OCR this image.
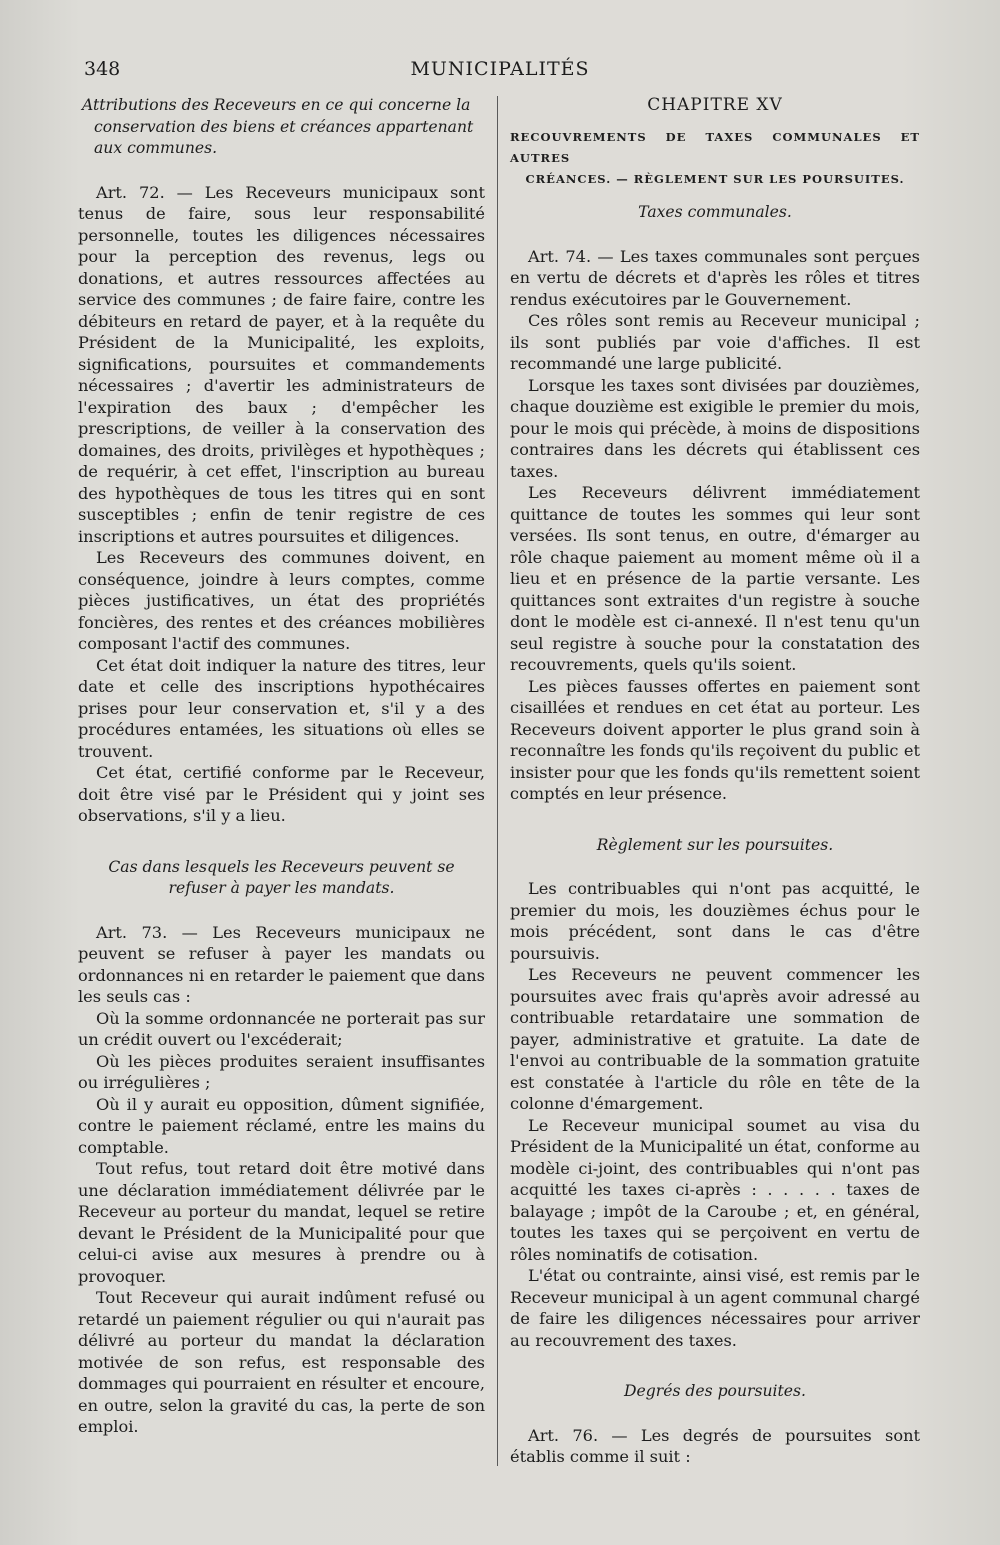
348	MUNICIPALITÉS
Attributions des Receveurs en ce qui concerne la conservation des biens et créances appartenant aux communes.

Art. 72. — Les Receveurs municipaux sont tenus de faire, sous leur responsabilité personnelle, toutes les diligences nécessaires pour la perception des revenus, legs ou donations, et autres ressources affectées au service des communes ; de faire faire, contre les débiteurs en retard de payer, et à la requête du Président de la Municipalité, les exploits, significations, poursuites et commandements nécessaires ; d'avertir les administrateurs de l'expiration des baux ; d'empêcher les prescriptions, de veiller à la conservation des domaines, des droits, privilèges et hypothèques ; de requérir, à cet effet, l'inscription au bureau des hypothèques de tous les titres qui en sont susceptibles ; enfin de tenir registre de ces inscriptions et autres poursuites et diligences.

Les Receveurs des communes doivent, en conséquence, joindre à leurs comptes, comme pièces justificatives, un état des propriétés foncières, des rentes et des créances mobilières composant l'actif des communes.

Cet état doit indiquer la nature des titres, leur date et celle des inscriptions hypothécaires prises pour leur conservation et, s'il y a des procédures entamées, les situations où elles se trouvent.

Cet état, certifié conforme par le Receveur, doit être visé par le Président qui y joint ses observations, s'il y a lieu.

Cas dans lesquels les Receveurs peuvent se refuser à payer les mandats.

Art. 73. — Les Receveurs municipaux ne peuvent se refuser à payer les mandats ou ordonnances ni en retarder le paiement que dans les seuls cas :

Où la somme ordonnancée ne porterait pas sur un crédit ouvert ou l'excéderait;

Où les pièces produites seraient insuffisantes ou irrégulières ;

Où il y aurait eu opposition, dûment signifiée, contre le paiement réclamé, entre les mains du comptable.

Tout refus, tout retard doit être motivé dans une déclaration immédiatement délivrée par le Receveur au porteur du mandat, lequel se retire devant le Président de la Municipalité pour que celui-ci avise aux mesures à prendre ou à provoquer.

Tout Receveur qui aurait indûment refusé ou retardé un paiement régulier ou qui n'aurait pas délivré au porteur du mandat la déclaration motivée de son refus, est responsable des dommages qui pourraient en résulter et encoure, en outre, selon la gravité du cas, la perte de son emploi.

CHAPITRE XV
RECOUVREMENTS DE TAXES COMMUNALES ET AUTRES
CRÉANCES. — RÈGLEMENT SUR LES POURSUITES.
Taxes communales.

Art. 74. — Les taxes communales sont perçues en vertu de décrets et d'après les rôles et titres rendus exécutoires par le Gouvernement.

Ces rôles sont remis au Receveur municipal ; ils sont publiés par voie d'affiches. Il est recommandé une large publicité.

Lorsque les taxes sont divisées par douzièmes, chaque douzième est exigible le premier du mois, pour le mois qui précède, à moins de dispositions contraires dans les décrets qui établissent ces taxes.

Les Receveurs délivrent immédiatement quittance de toutes les sommes qui leur sont versées. Ils sont tenus, en outre, d'émarger au rôle chaque paiement au moment même où il a lieu et en présence de la partie versante. Les quittances sont extraites d'un registre à souche dont le modèle est ci-annexé. Il n'est tenu qu'un seul registre à souche pour la constatation des recouvrements, quels qu'ils soient.

Les pièces fausses offertes en paiement sont cisaillées et rendues en cet état au porteur. Les Receveurs doivent apporter le plus grand soin à reconnaître les fonds qu'ils reçoivent du public et insister pour que les fonds qu'ils remettent soient comptés en leur présence.

Règlement sur les poursuites.

Les contribuables qui n'ont pas acquitté, le premier du mois, les douzièmes échus pour le mois précédent, sont dans le cas d'être poursuivis.

Les Receveurs ne peuvent commencer les poursuites avec frais qu'après avoir adressé au contribuable retardataire une sommation de payer, administrative et gratuite. La date de l'envoi au contribuable de la sommation gratuite est constatée à l'article du rôle en tête de la colonne d'émargement.

Le Receveur municipal soumet au visa du Président de la Municipalité un état, conforme au modèle ci-joint, des contribuables qui n'ont pas acquitté les taxes ci-après : . . . . . taxes de balayage ; impôt de la Caroube ; et, en général, toutes les taxes qui se perçoivent en vertu de rôles nominatifs de cotisation.

L'état ou contrainte, ainsi visé, est remis par le Receveur municipal à un agent communal chargé de faire les diligences nécessaires pour arriver au recouvrement des taxes.

Degrés des poursuites.

Art. 76. — Les degrés de poursuites sont établis comme il suit :
